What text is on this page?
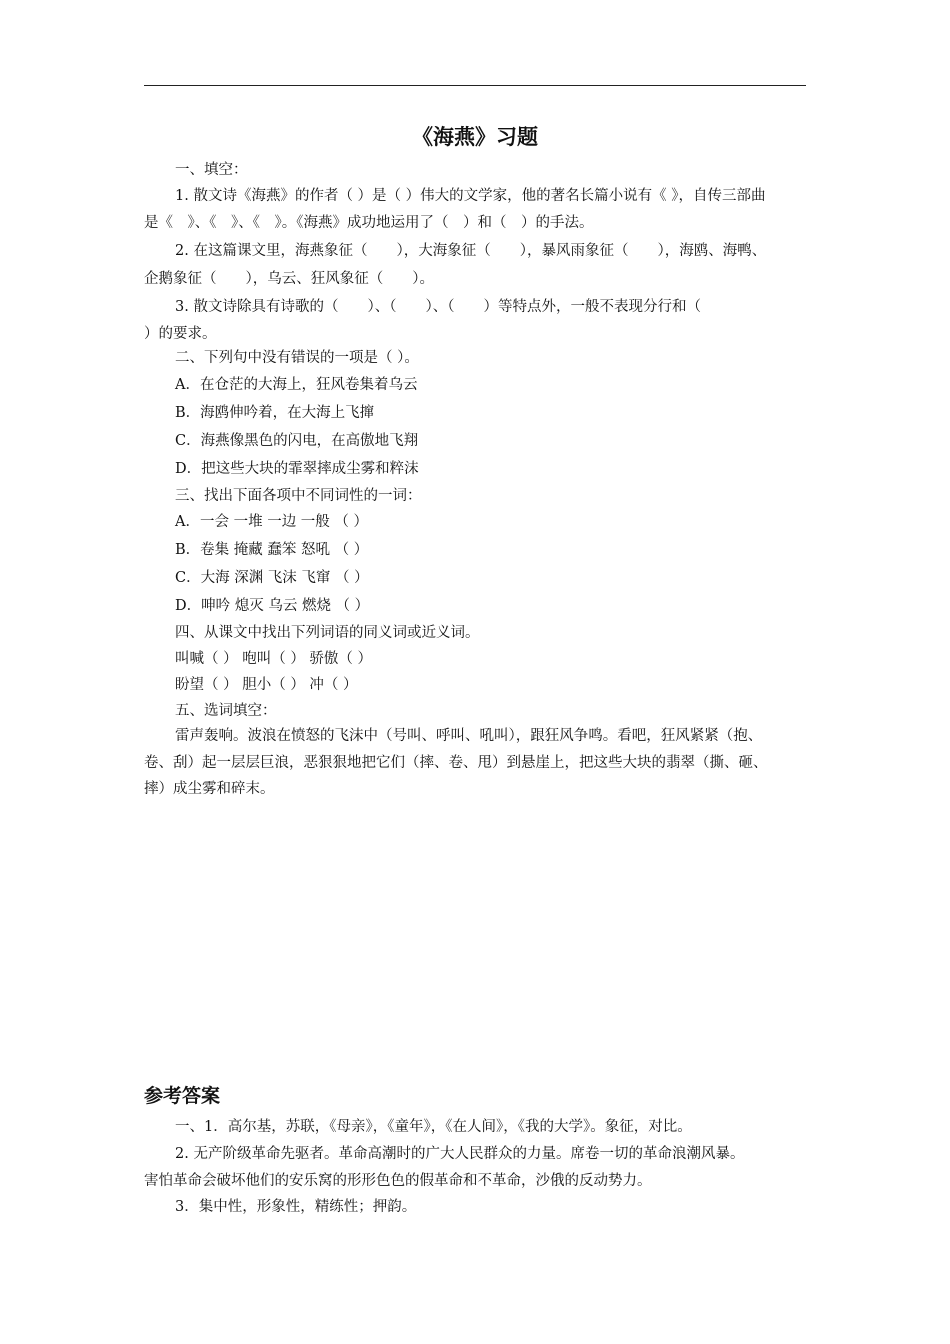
《海燕》习题

一、填空：

1. 散文诗《海燕》的作者（ ）是（ ）伟大的文学家，他的著名长篇小说有《 》，自传三部曲

是《　》、《　》、《　》。《海燕》成功地运用了（　）和（　）的手法。

2. 在这篇课文里，海燕象征（　　），大海象征（　　），暴风雨象征（　　），海鸥、海鸭、

企鹅象征（　　），乌云、狂风象征（　　）。

3. 散文诗除具有诗歌的（　　）、（　　）、（　　）等特点外，一般不表现分行和（

）的要求。

二、下列句中没有错误的一项是（ ）。

A．在仓茫的大海上，狂风卷集着乌云

B．海鸥伸吟着，在大海上飞撺

C．海燕像黑色的闪电，在高傲地飞翔

D．把这些大块的霏翠摔成尘雾和粹沫

三、找出下面各项中不同词性的一词：

A．一会 一堆 一边 一般 （ ）

B．卷集 掩藏 蠢笨 怒吼 （ ）

C．大海 深渊 飞沫 飞窜 （ ）

D．呻吟 熄灭 乌云 燃烧 （ ）

四、从课文中找出下列词语的同义词或近义词。

叫喊（ ） 咆叫（ ） 骄傲（ ）

盼望（ ） 胆小（ ） 冲（ ）

五、选词填空：

雷声轰响。波浪在愤怒的飞沫中（号叫、呼叫、吼叫），跟狂风争鸣。看吧，狂风紧紧（抱、

卷、刮）起一层层巨浪，恶狠狠地把它们（摔、卷、甩）到悬崖上，把这些大块的翡翠（撕、砸、

摔）成尘雾和碎末。

参考答案

一、1．高尔基，苏联，《母亲》，《童年》，《在人间》，《我的大学》。象征，对比。

2. 无产阶级革命先驱者。革命高潮时的广大人民群众的力量。席卷一切的革命浪潮风暴。

害怕革命会破坏他们的安乐窝的形形色色的假革命和不革命，沙俄的反动势力。

3．集中性，形象性，精练性；押韵。
